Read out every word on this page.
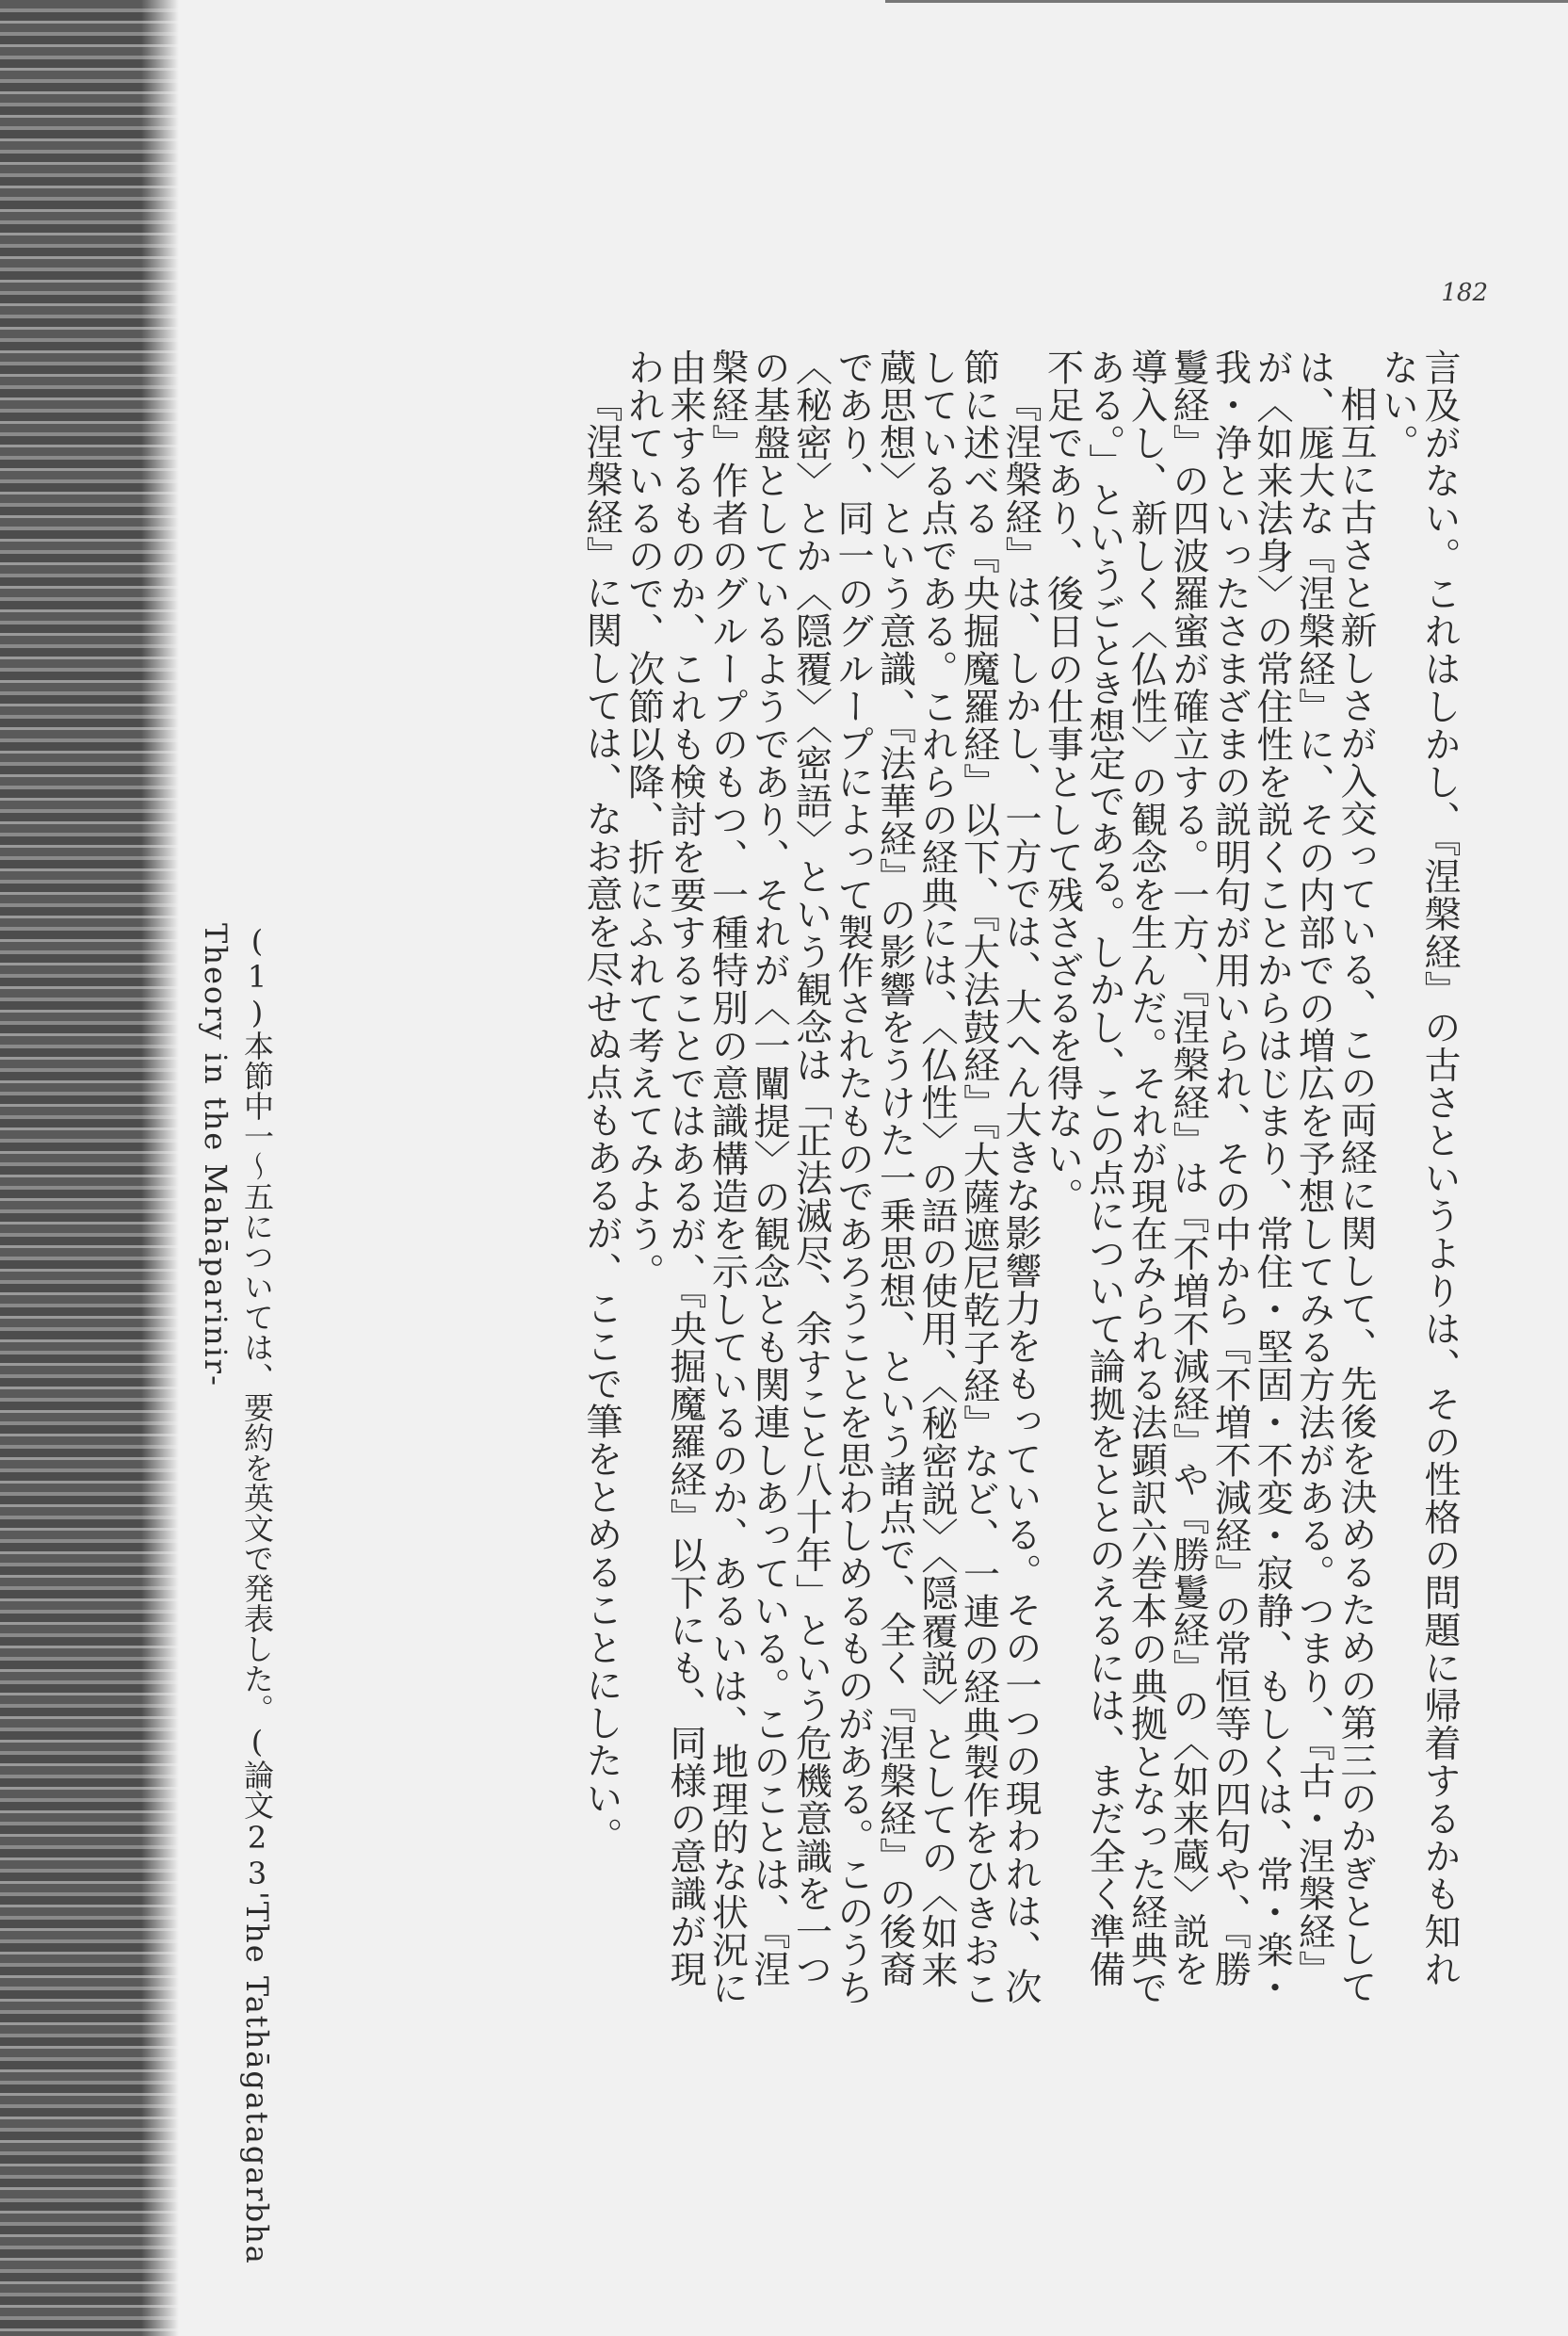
182

言及がない。これはしかし、『涅槃経』の古さというよりは、その性格の問題に帰着するかも知れない。

相互に古さと新しさが入交っている、この両経に関して、先後を決めるための第三のかぎとしては、厖大な『涅槃経』に、その内部での増広を予想してみる方法がある。つまり、『古・涅槃経』が〈如来法身〉の常住性を説くことからはじまり、常住・堅固・不変・寂静、もしくは、常・楽・我・浄といったさまざまの説明句が用いられ、その中から『不増不減経』の常恒等の四句や、『勝鬘経』の四波羅蜜が確立する。一方、『涅槃経』は『不増不減経』や『勝鬘経』の〈如来蔵〉説を導入し、新しく〈仏性〉の観念を生んだ。それが現在みられる法顕訳六巻本の典拠となった経典である。」というごとき想定である。しかし、この点について論拠をととのえるには、まだ全く準備不足であり、後日の仕事として残さざるを得ない。

『涅槃経』は、しかし、一方では、大へん大きな影響力をもっている。その一つの現われは、次節に述べる『央掘魔羅経』以下、『大法鼓経』『大薩遮尼乾子経』など、一連の経典製作をひきおこしている点である。これらの経典には、〈仏性〉の語の使用、〈秘密説〉〈隠覆説〉としての〈如来蔵思想〉という意識、『法華経』の影響をうけた一乗思想、という諸点で、全く『涅槃経』の後裔であり、同一のグループによって製作されたものであろうことを思わしめるものがある。このうち〈秘密〉とか〈隠覆〉〈密語〉という観念は「正法滅尽、余すこと八十年」という危機意識を一つの基盤としているようであり、それが〈一闡提〉の観念とも関連しあっている。このことは、『涅槃経』作者のグループのもつ、一種特別の意識構造を示しているのか、あるいは、地理的な状況に由来するものか、これも検討を要することではあるが、『央掘魔羅経』以下にも、同様の意識が現われているので、次節以降、折にふれて考えてみよう。

『涅槃経』に関しては、なお意を尽せぬ点もあるが、ここで筆をとめることにしたい。

(1)本節中一〜五については、要約を英文で発表した。(論文23'The Tathāgatagarbha Theory in the Mahāparinir-
